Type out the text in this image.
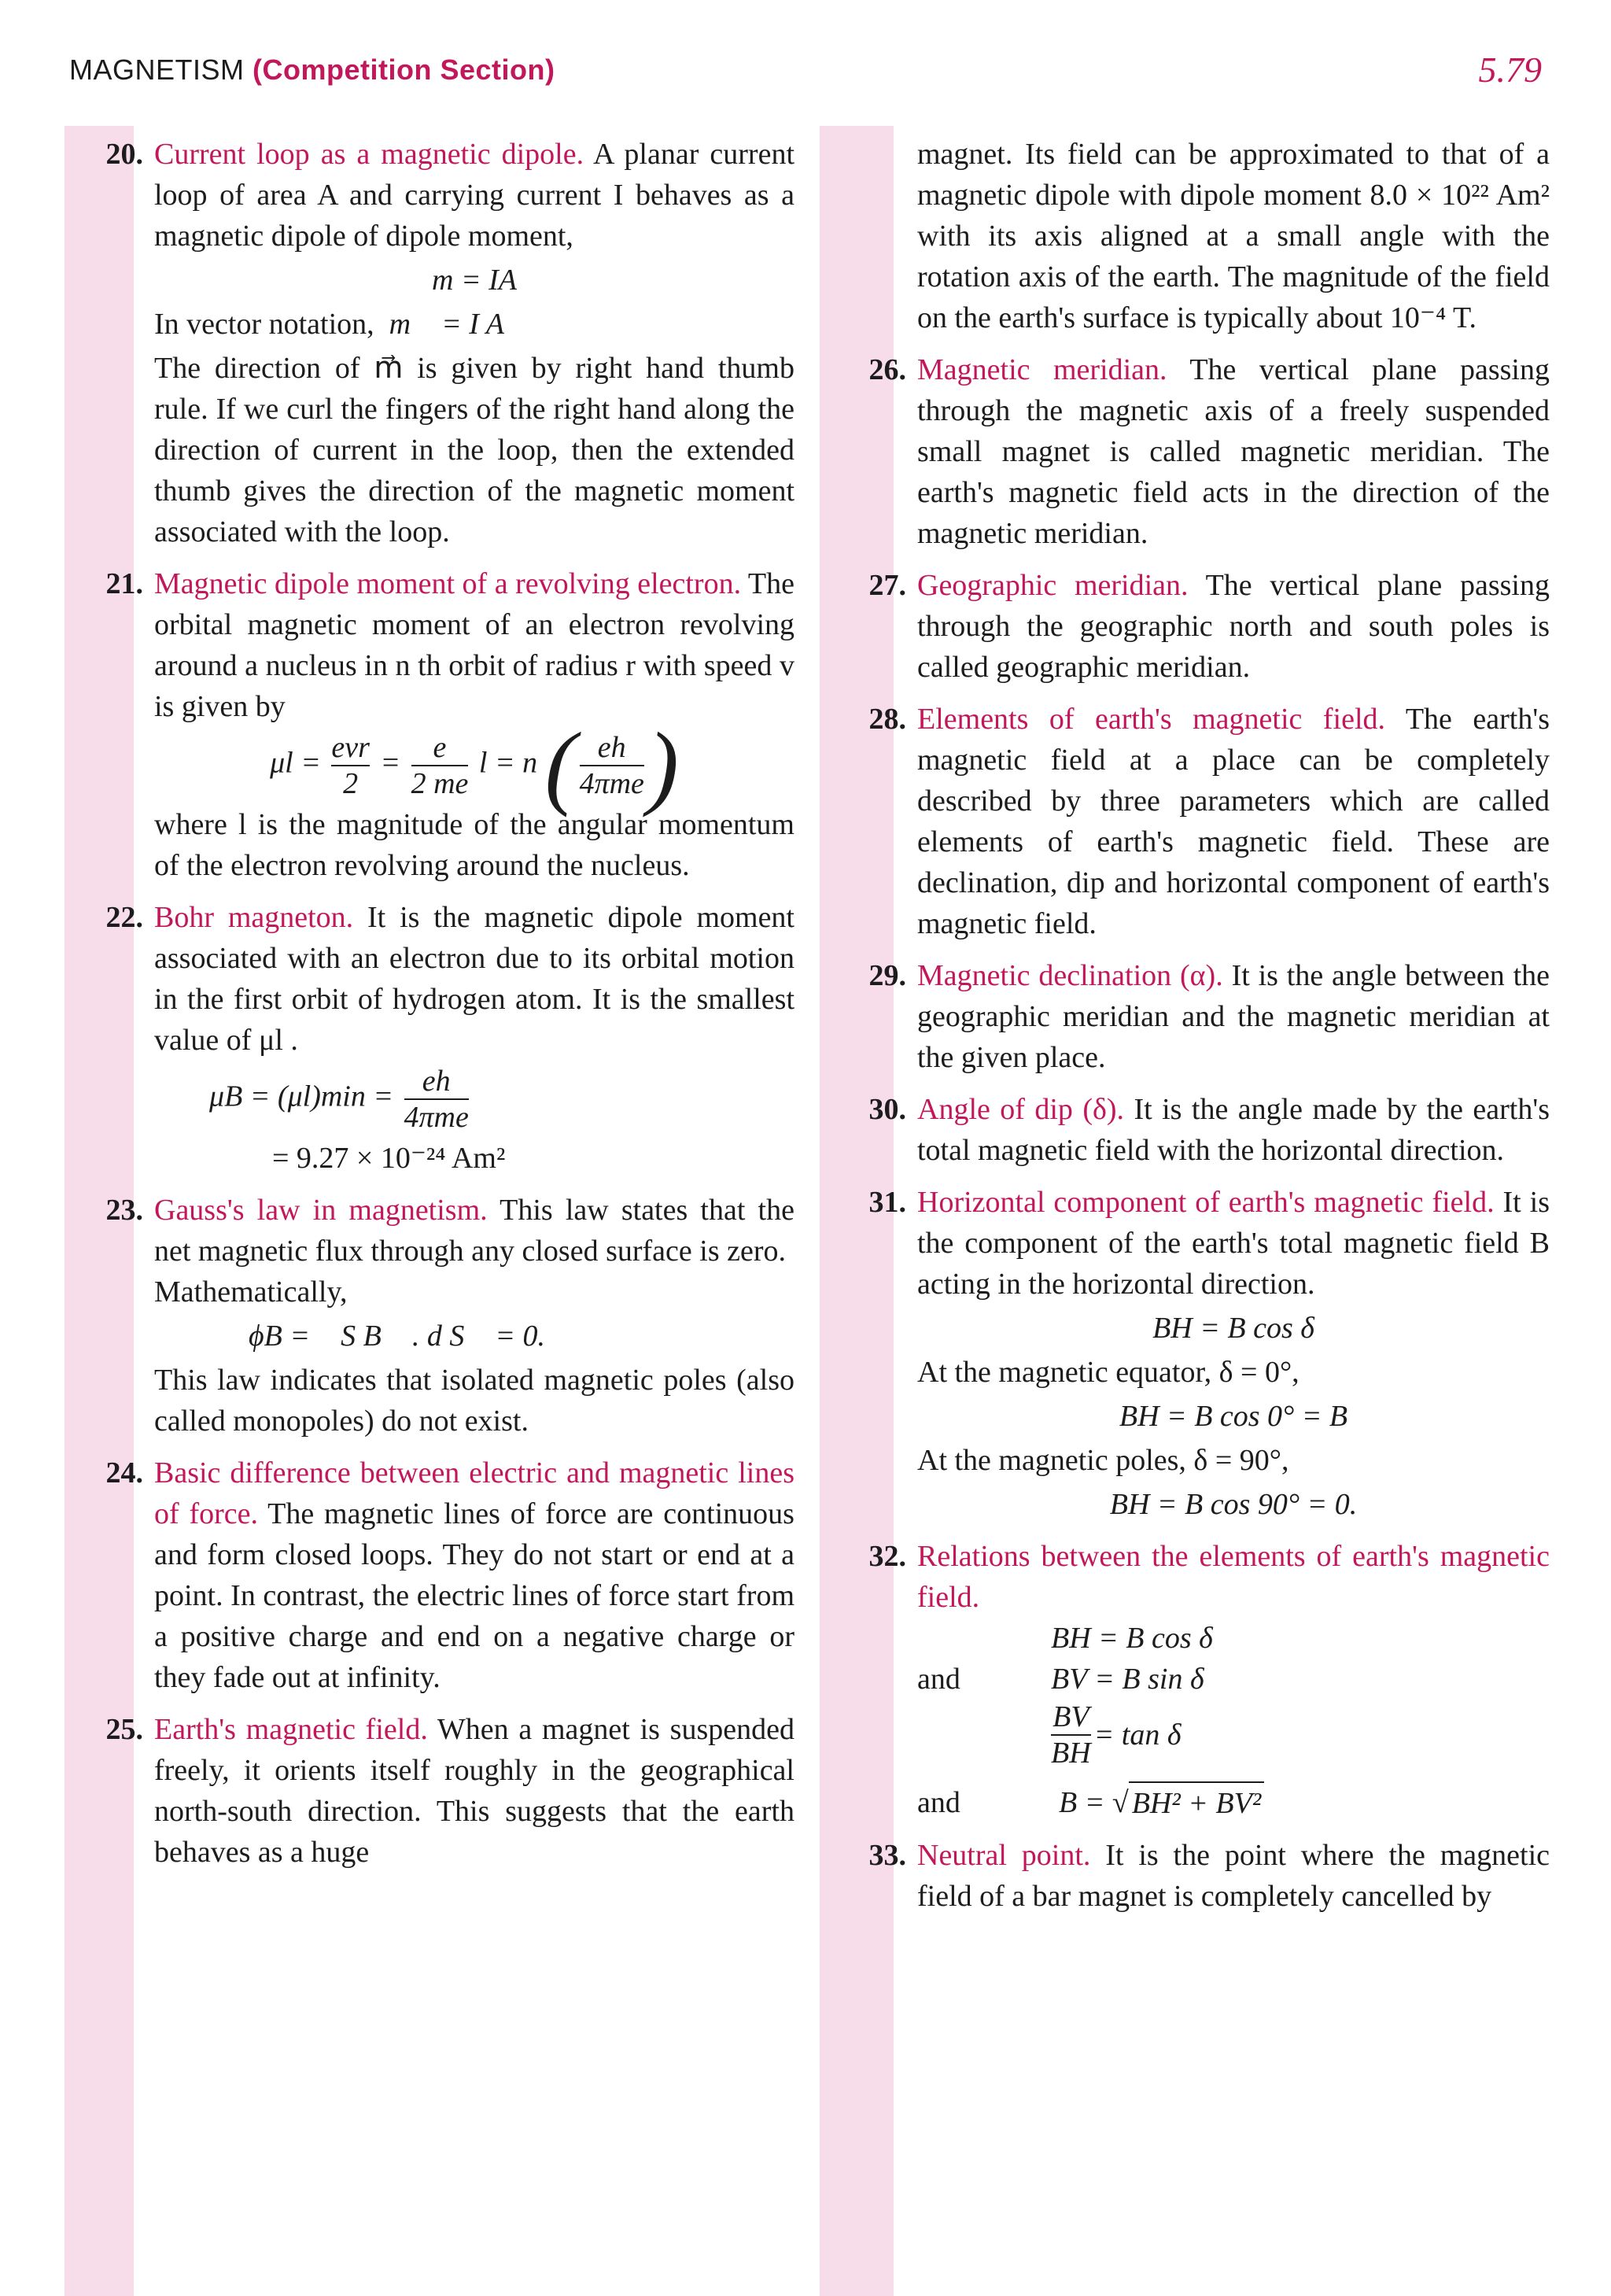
MAGNETISM (Competition Section)	5.79
20. Current loop as a magnetic dipole. A planar current loop of area A and carrying current I behaves as a magnetic dipole of dipole moment,

m = IA

In vector notation, m⃗ = I A⃗

The direction of m⃗ is given by right hand thumb rule. If we curl the fingers of the right hand along the direction of current in the loop, then the extended thumb gives the direction of the magnetic moment associated with the loop.

21. Magnetic dipole moment of a revolving electron. The orbital magnetic moment of an electron revolving around a nucleus in n th orbit of radius r with speed v is given by

$\mu l = \frac{\text{evr}}{2} = \frac{e}{2 me}$ l = n ( $\frac{eh}{\text{4πme}}$ )

where l is the magnitude of the angular momentum of the electron revolving around the nucleus.

22. Bohr magneton. It is the magnetic dipole moment associated with an electron due to its orbital motion in the first orbit of hydrogen atom. It is the smallest value of μl .

$\mu B = (\mu l)\min = \frac{eh}{\text{4πme}}$

= 9.27 × 10⁻²⁴ Am²

23. Gauss's law in magnetism. This law states that the net magnetic flux through any closed surface is zero.

Mathematically,

ϕB = ∮S B⃗ . d S⃗ = 0.

This law indicates that isolated magnetic poles (also called monopoles) do not exist.

24. Basic difference between electric and magnetic lines of force. The magnetic lines of force are continuous and form closed loops. They do not start or end at a point. In contrast, the electric lines of force start from a positive charge and end on a negative charge or they fade out at infinity.

25. Earth's magnetic field. When a magnet is suspended freely, it orients itself roughly in the geographical north-south direction. This suggests that the earth behaves as a huge

magnet. Its field can be approximated to that of a magnetic dipole with dipole moment 8.0 × 10²² Am² with its axis aligned at a small angle with the rotation axis of the earth. The magnitude of the field on the earth's surface is typically about 10⁻⁴ T.

26. Magnetic meridian. The vertical plane passing through the magnetic axis of a freely suspended small magnet is called magnetic meridian. The earth's magnetic field acts in the direction of the magnetic meridian.

27. Geographic meridian. The vertical plane passing through the geographic north and south poles is called geographic meridian.

28. Elements of earth's magnetic field. The earth's magnetic field at a place can be completely described by three parameters which are called elements of earth's magnetic field. These are declination, dip and horizontal component of earth's magnetic field.

29. Magnetic declination (α). It is the angle between the geographic meridian and the magnetic meridian at the given place.

30. Angle of dip (δ). It is the angle made by the earth's total magnetic field with the horizontal direction.

31. Horizontal component of earth's magnetic field. It is the component of the earth's total magnetic field B acting in the horizontal direction.

BH = B cos δ

At the magnetic equator, δ = 0°,

BH = B cos 0° = B

At the magnetic poles, δ = 90°,

BH = B cos 90° = 0.

32. Relations between the elements of earth's magnetic field.

BH = B cos δ
and	BV = B sin δ
$\frac{BV}{BH} = \tan \delta$
and	B = √ BH² + BV²
33. Neutral point. It is the point where the magnetic field of a bar magnet is completely cancelled by
